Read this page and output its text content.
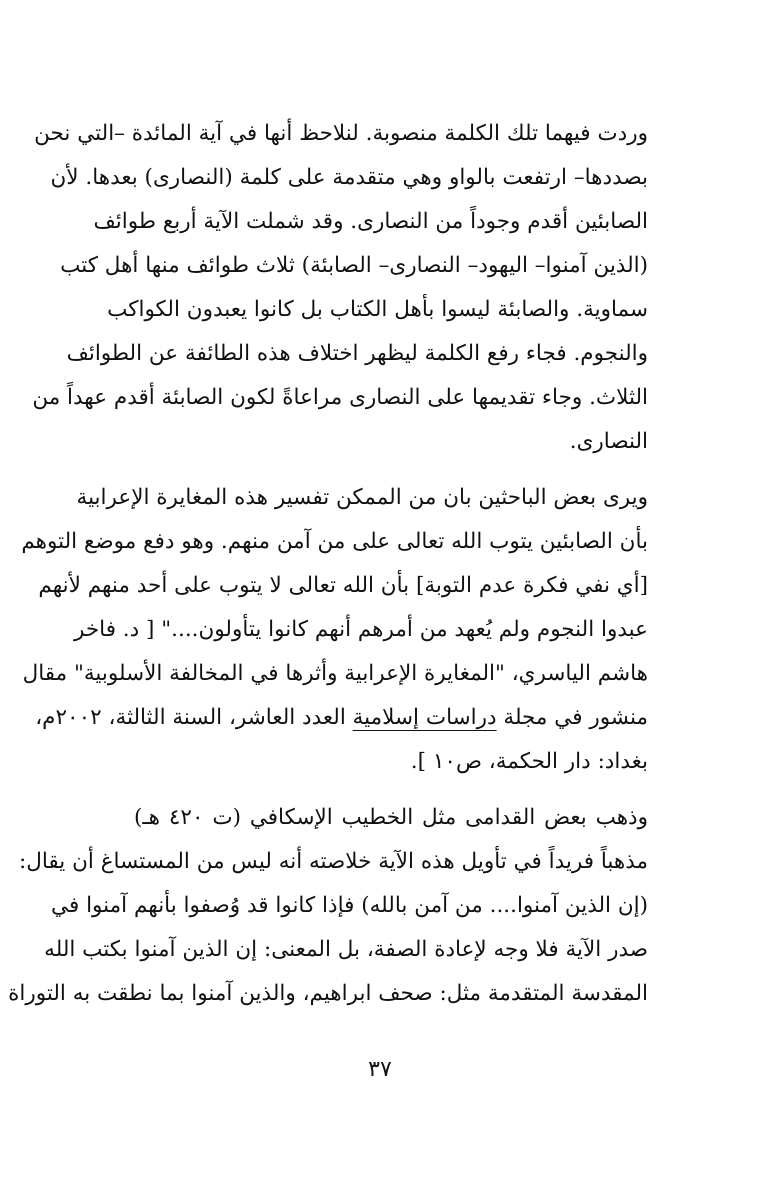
وردت فيهما تلك الكلمة منصوبة. لنلاحظ أنها في آية المائدة –التي نحن
بصددها– ارتفعت بالواو وهي متقدمة على كلمة (النصارى) بعدها. لأن
الصابئين أقدم وجوداً من النصارى. وقد شملت الآية أربع طوائف
(الذين آمنوا– اليهود– النصارى– الصابئة) ثلاث طوائف منها أهل كتب
سماوية. والصابئة ليسوا بأهل الكتاب بل كانوا يعبدون الكواكب
والنجوم. فجاء رفع الكلمة ليظهر اختلاف هذه الطائفة عن الطوائف
الثلاث. وجاء تقديمها على النصارى مراعاةً لكون الصابئة أقدم عهداً من
النصارى.
ويرى بعض الباحثين بان من الممكن تفسير هذه المغايرة الإعرابية
بأن الصابئين يتوب الله تعالى على من آمن منهم. وهو دفع موضع التوهم
[أي نفي فكرة عدم التوبة] بأن الله تعالى لا يتوب على أحد منهم لأنهم
عبدوا النجوم ولم يُعهد من أمرهم أنهم كانوا يتأولون...." [ د. فاخر
هاشم الياسري، "المغايرة الإعرابية وأثرها في المخالفة الأسلوبية" مقال
منشور في مجلة دراسات إسلامية العدد العاشر، السنة الثالثة، ٢٠٠٢م،
بغداد: دار الحكمة، ص١٠ ].
وذهب بعض القدامى مثل الخطيب الإسكافي (ت ٤٢٠ هـ)
مذهباً فريداً في تأويل هذه الآية خلاصته أنه ليس من المستساغ أن يقال:
(إن الذين آمنوا.... من آمن بالله) فإذا كانوا قد وُصفوا بأنهم آمنوا في
صدر الآية فلا وجه لإعادة الصفة، بل المعنى: إن الذين آمنوا بكتب الله
المقدسة المتقدمة مثل: صحف ابراهيم، والذين آمنوا بما نطقت به التوراة
٣٧
